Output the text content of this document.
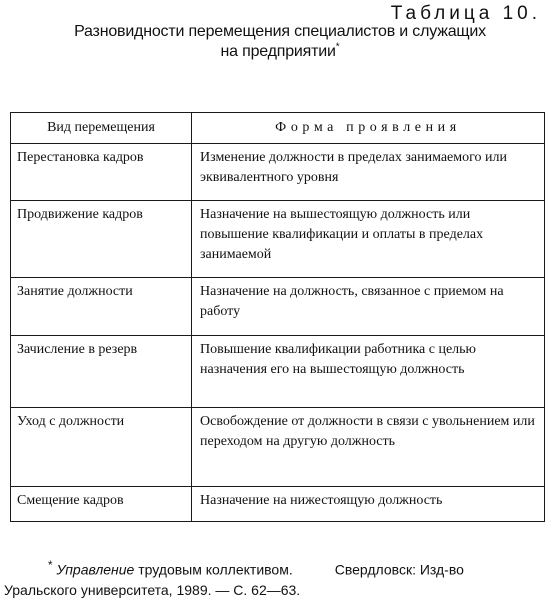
Таблица 10.
Разновидности перемещения специалистов и служащих
на предприятии*
Вид перемещения	Форма проявления
Перестановка кадров	Изменение должности в пределах занимаемого или эквивалентного уровня
Продвижение кадров	Назначение на вышестоящую должность или повышение квалификации и оплаты в пределах занимаемой
Занятие должности	Назначение на должность, связанное с приемом на работу
Зачисление в резерв	Повышение квалификации работника с целью назначения его на вышестоящую должность
Уход с должности	Освобождение от должности в связи с увольнением или переходом на другую должность
Смещение кадров	Назначение на нижестоящую должность
* Управление трудовым коллективом.	Свердловск: Изд-во
Уральского университета, 1989. — С. 62—63.
